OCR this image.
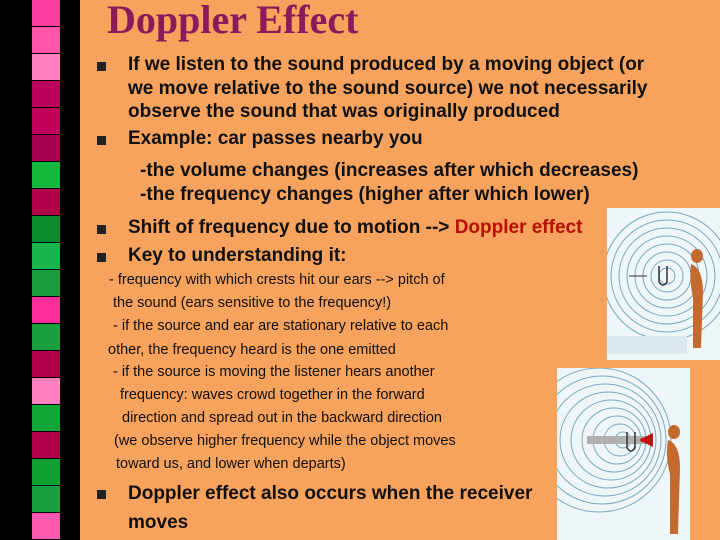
Doppler Effect
If we listen to the sound produced by a moving object (or
we move relative to the sound source) we not necessarily
observe the sound that was originally produced
Example: car passes nearby you
-the volume changes (increases after which decreases)
-the frequency changes (higher after which lower)
Shift of frequency due to motion --> Doppler effect
Key to understanding it:
- frequency with which crests hit our ears --> pitch of
the sound (ears sensitive to the frequency!)
- if the source and ear are stationary relative to each
other, the frequency heard is the one emitted
- if the source is moving the listener hears another
frequency: waves crowd together in the forward
direction and spread out in the backward direction
(we observe higher frequency while the object moves
toward us, and lower when departs)
Doppler effect also occurs when the receiver
moves
